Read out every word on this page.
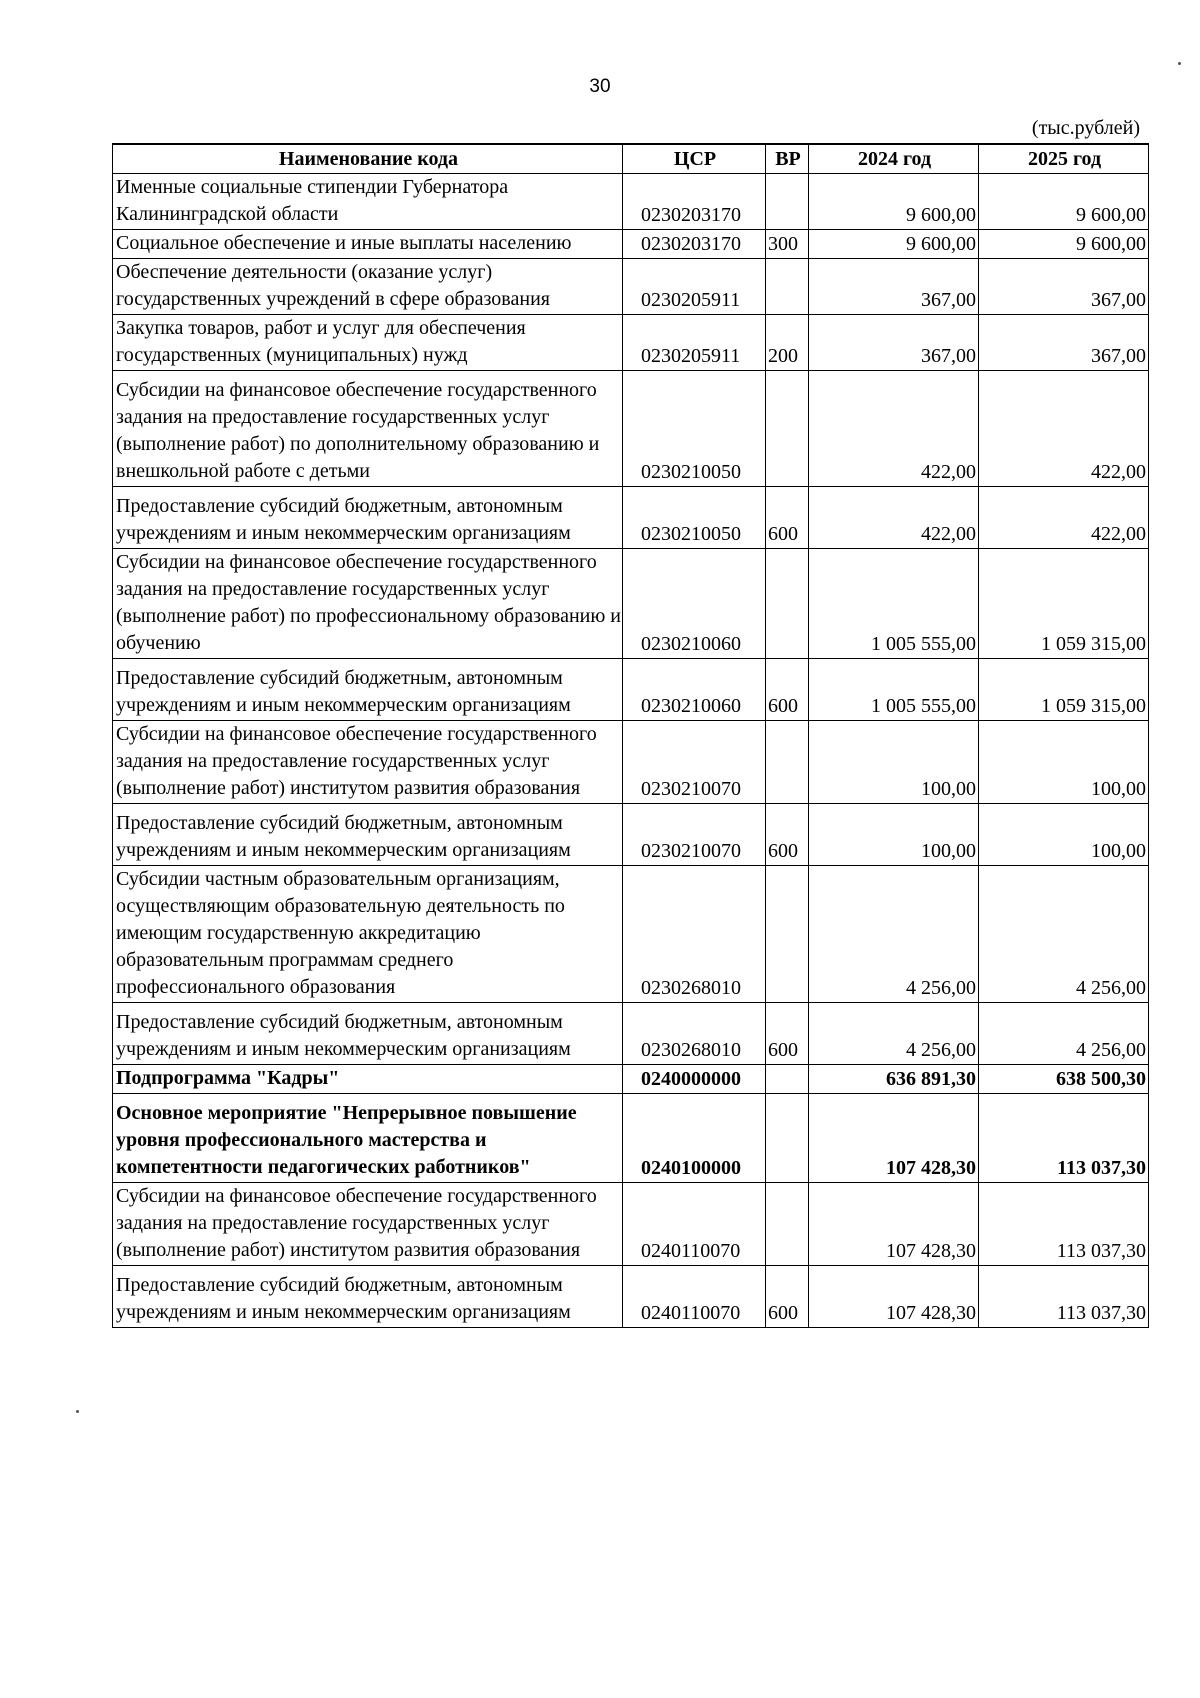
30
(тыс.рублей)
Наименование кода	ЦСР	ВР	2024 год	2025 год
Именные социальные стипендии Губернатора Калининградской области	0230203170		9 600,00	9 600,00
Социальное обеспечение и иные выплаты населению	0230203170	300	9 600,00	9 600,00
Обеспечение деятельности (оказание услуг) государственных учреждений в сфере образования	0230205911		367,00	367,00
Закупка товаров, работ и услуг для обеспечения государственных (муниципальных) нужд	0230205911	200	367,00	367,00
Субсидии на финансовое обеспечение государственного задания на предоставление государственных услуг (выполнение работ) по дополнительному образованию и внешкольной работе с детьми	0230210050		422,00	422,00
Предоставление субсидий бюджетным, автономным учреждениям и иным некоммерческим организациям	0230210050	600	422,00	422,00
Субсидии на финансовое обеспечение государственного задания на предоставление государственных услуг (выполнение работ) по профессиональному образованию и обучению	0230210060		1 005 555,00	1 059 315,00
Предоставление субсидий бюджетным, автономным учреждениям и иным некоммерческим организациям	0230210060	600	1 005 555,00	1 059 315,00
Субсидии на финансовое обеспечение государственного задания на предоставление государственных услуг (выполнение работ) институтом развития образования	0230210070		100,00	100,00
Предоставление субсидий бюджетным, автономным учреждениям и иным некоммерческим организациям	0230210070	600	100,00	100,00
Субсидии частным образовательным организациям, осуществляющим образовательную деятельность по имеющим государственную аккредитацию образовательным программам среднего профессионального образования	0230268010		4 256,00	4 256,00
Предоставление субсидий бюджетным, автономным учреждениям и иным некоммерческим организациям	0230268010	600	4 256,00	4 256,00
Подпрограмма "Кадры"	0240000000		636 891,30	638 500,30
Основное мероприятие "Непрерывное повышение уровня профессионального мастерства и компетентности педагогических работников"	0240100000		107 428,30	113 037,30
Субсидии на финансовое обеспечение государственного задания на предоставление государственных услуг (выполнение работ) институтом развития образования	0240110070		107 428,30	113 037,30
Предоставление субсидий бюджетным, автономным учреждениям и иным некоммерческим организациям	0240110070	600	107 428,30	113 037,30
